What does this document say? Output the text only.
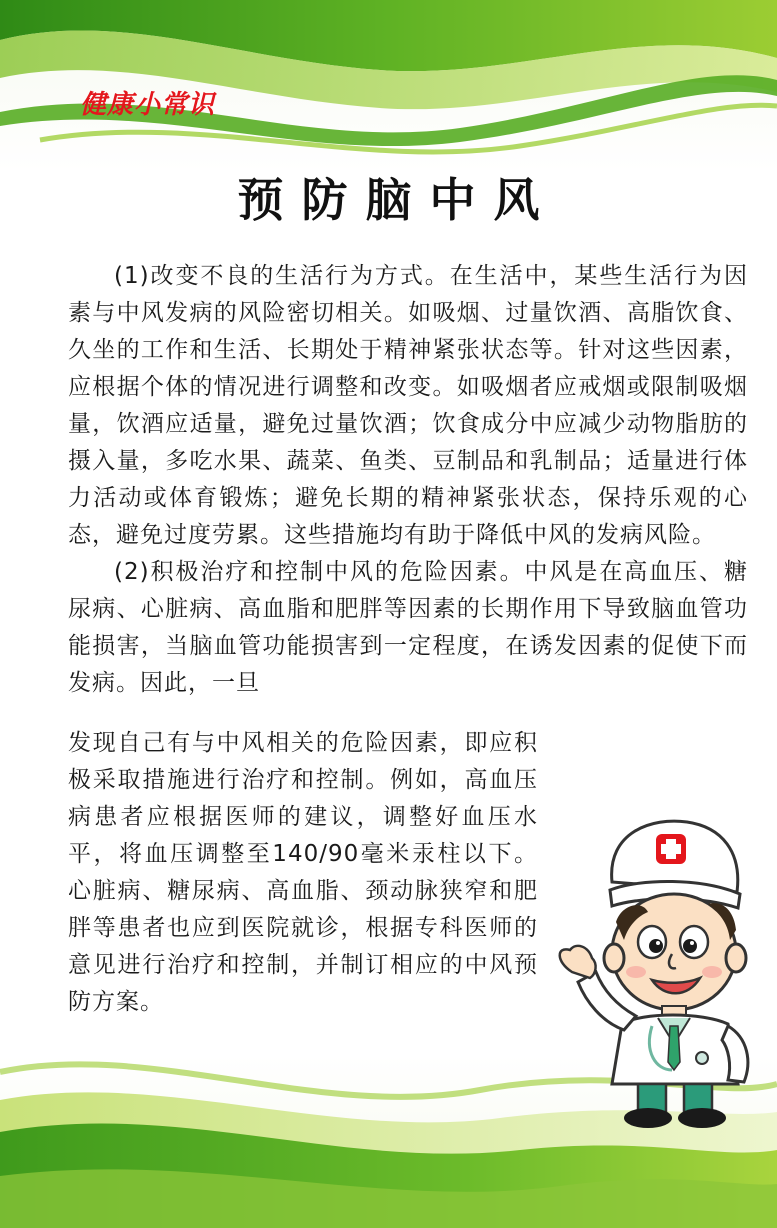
健康小常识
预防脑中风

(1)改变不良的生活行为方式。在生活中，某些生活行为因素与中风发病的风险密切相关。如吸烟、过量饮酒、高脂饮食、久坐的工作和生活、长期处于精神紧张状态等。针对这些因素，应根据个体的情况进行调整和改变。如吸烟者应戒烟或限制吸烟量，饮酒应适量，避免过量饮酒；饮食成分中应减少动物脂肪的摄入量，多吃水果、蔬菜、鱼类、豆制品和乳制品；适量进行体力活动或体育锻炼；避免长期的精神紧张状态，保持乐观的心态，避免过度劳累。这些措施均有助于降低中风的发病风险。

(2)积极治疗和控制中风的危险因素。中风是在高血压、糖尿病、心脏病、高血脂和肥胖等因素的长期作用下导致脑血管功能损害，当脑血管功能损害到一定程度，在诱发因素的促使下而发病。因此，一旦

发现自己有与中风相关的危险因素，即应积极采取措施进行治疗和控制。例如，高血压病患者应根据医师的建议，调整好血压水平，将血压调整至140/90毫米汞柱以下。心脏病、糖尿病、高血脂、颈动脉狭窄和肥胖等患者也应到医院就诊，根据专科医师的意见进行治疗和控制，并制订相应的中风预防方案。
